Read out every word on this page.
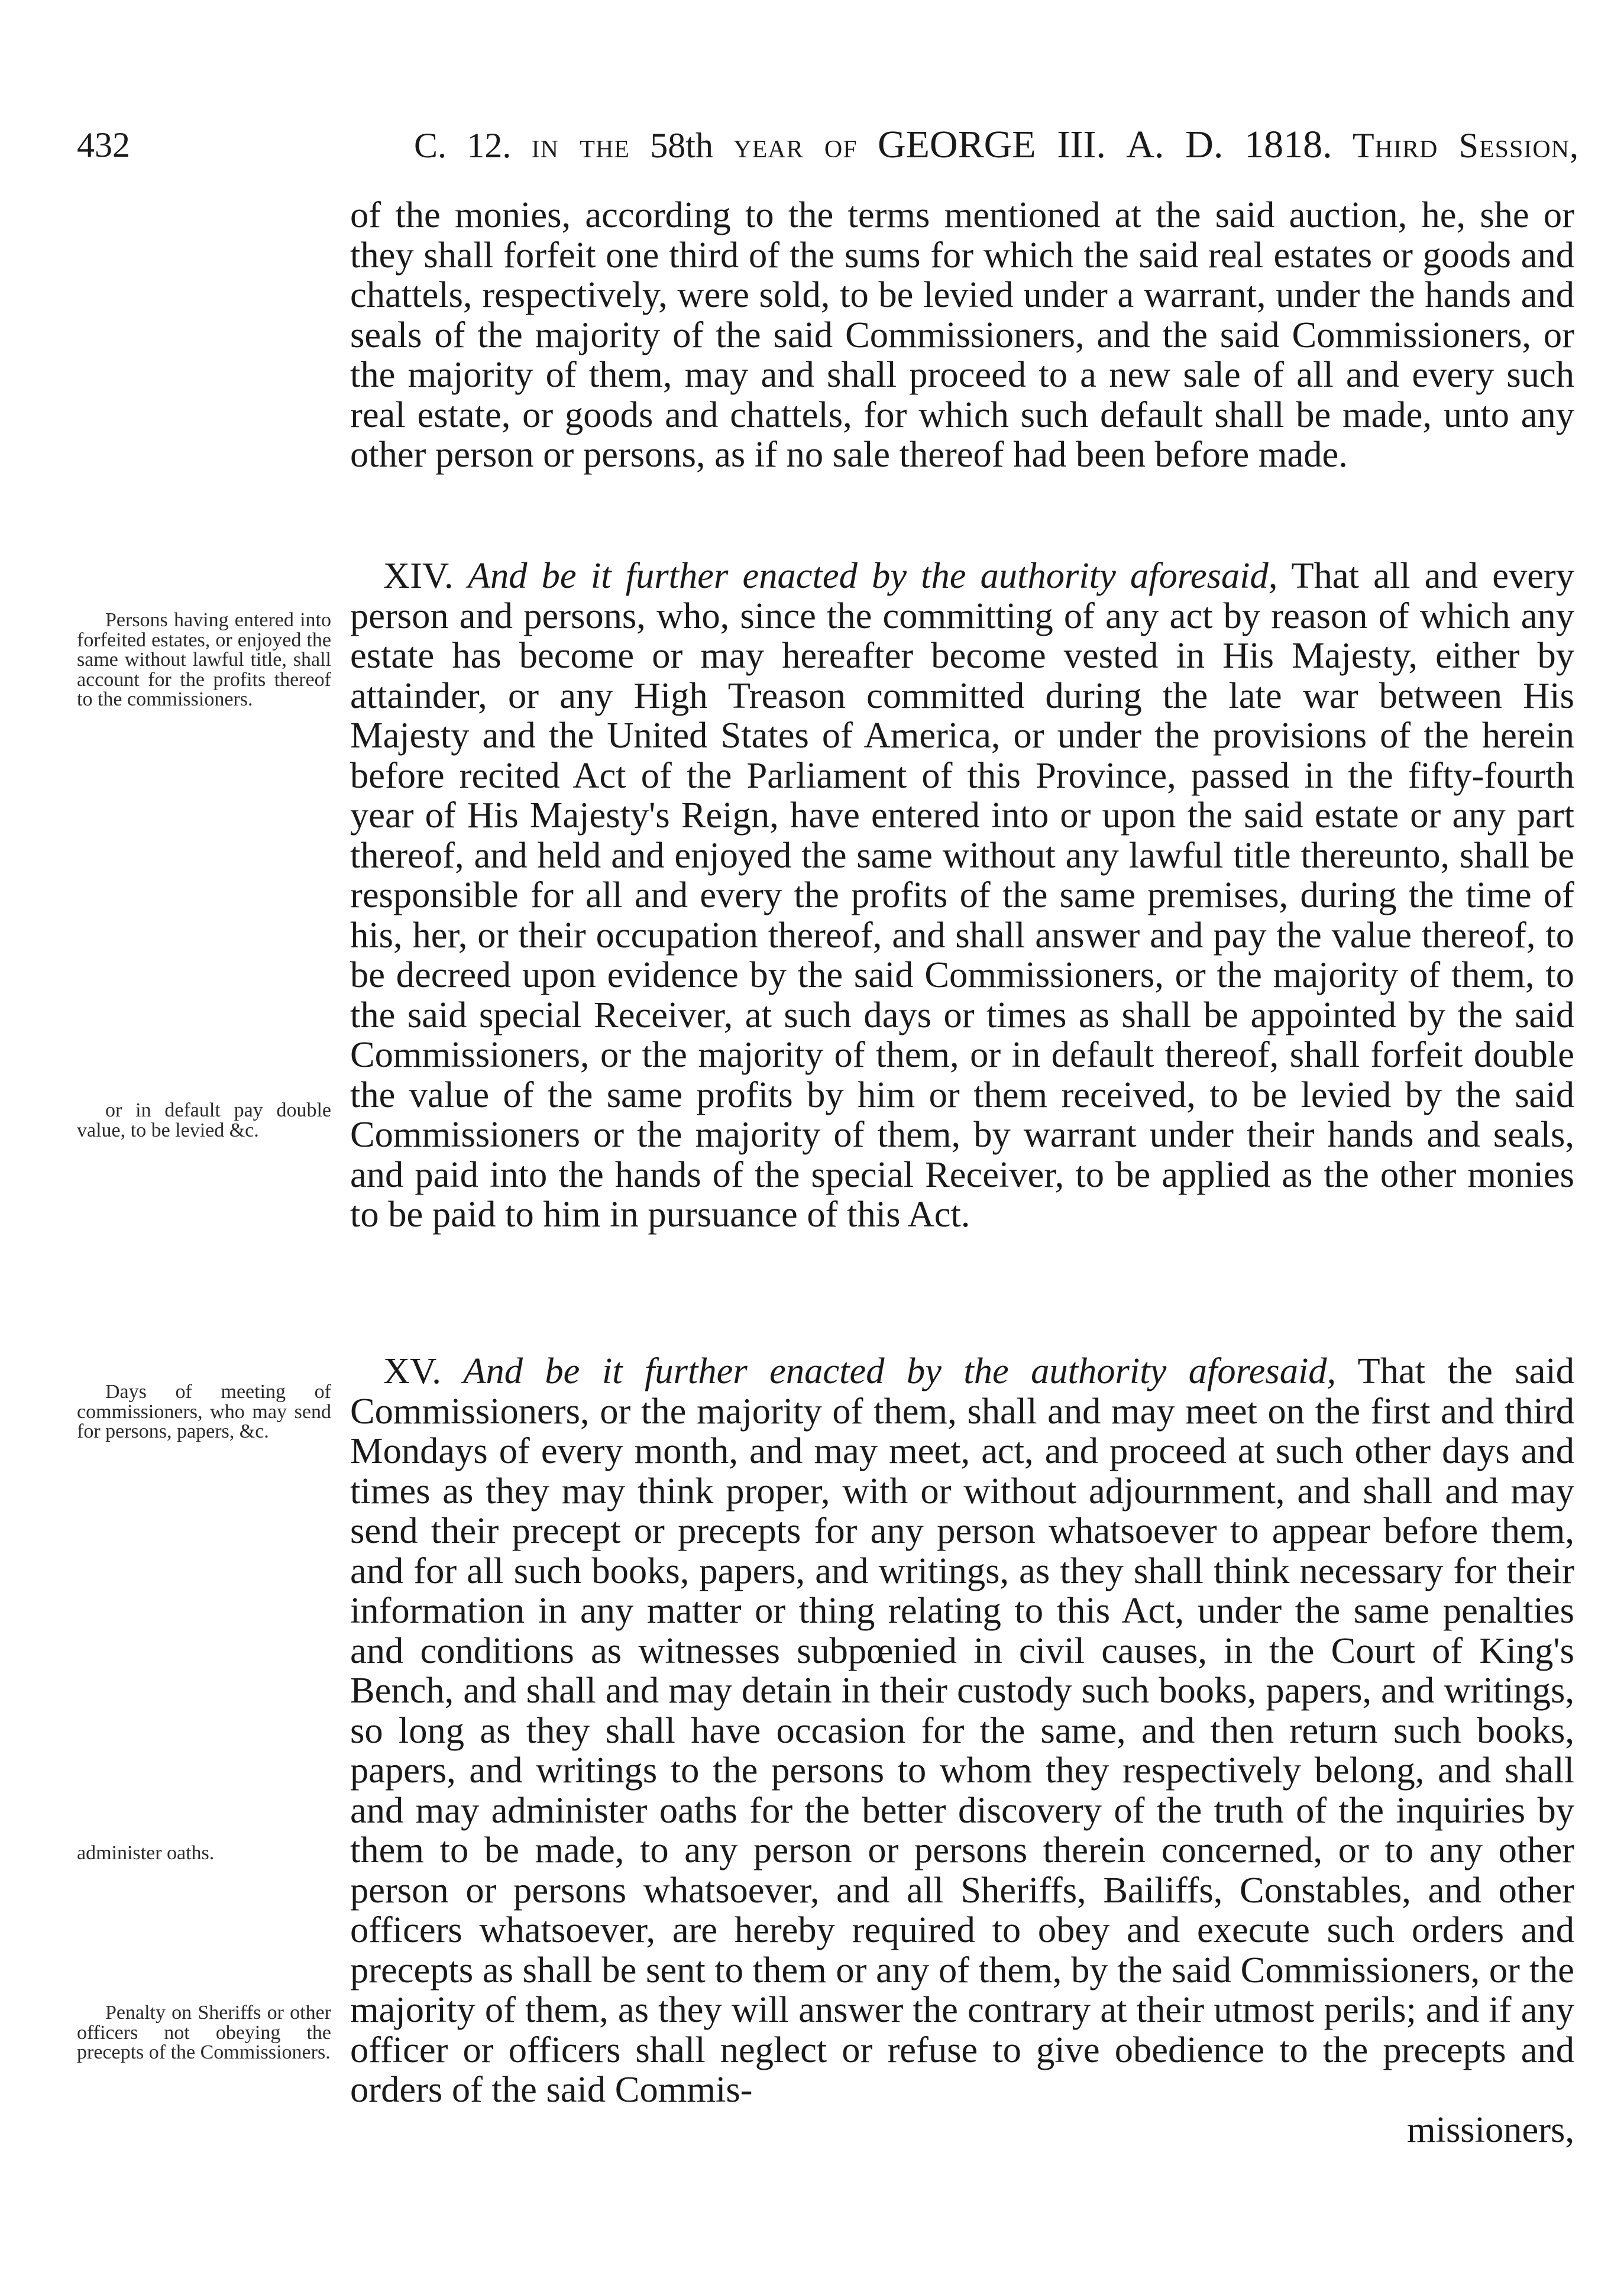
432	C. 12. in the 58th year of GEORGE III. A. D. 1818. Third Session,

of the monies, according to the terms mentioned at the said auction, he, she or they shall forfeit one third of the sums for which the said real estates or goods and chattels, respectively, were sold, to be levied under a warrant, under the hands and seals of the majority of the said Commissioners, and the said Commissioners, or the majority of them, may and shall proceed to a new sale of all and every such real estate, or goods and chattels, for which such default shall be made, unto any other person or persons, as if no sale thereof had been before made.

XIV. And be it further enacted by the authority aforesaid, That all and every person and persons, who, since the committing of any act by reason of which any estate has become or may hereafter become vested in His Majesty, either by attainder, or any High Treason committed during the late war between His Majesty and the United States of America, or under the provisions of the herein before recited Act of the Parliament of this Province, passed in the fifty-fourth year of His Majesty's Reign, have entered into or upon the said estate or any part thereof, and held and enjoyed the same without any lawful title thereunto, shall be responsible for all and every the profits of the same premises, during the time of his, her, or their occupation thereof, and shall answer and pay the value thereof, to be decreed upon evidence by the said Commissioners, or the majority of them, to the said special Receiver, at such days or times as shall be appointed by the said Commissioners, or the majority of them, or in default thereof, shall forfeit double the value of the same profits by him or them received, to be levied by the said Commissioners or the majority of them, by warrant under their hands and seals, and paid into the hands of the special Receiver, to be applied as the other monies to be paid to him in pursuance of this Act.

XV. And be it further enacted by the authority aforesaid, That the said Commissioners, or the majority of them, shall and may meet on the first and third Mondays of every month, and may meet, act, and proceed at such other days and times as they may think proper, with or without adjournment, and shall and may send their precept or precepts for any person whatsoever to appear before them, and for all such books, papers, and writings, as they shall think necessary for their information in any matter or thing relating to this Act, under the same penalties and conditions as witnesses subpœnied in civil causes, in the Court of King's Bench, and shall and may detain in their custody such books, papers, and writings, so long as they shall have occasion for the same, and then return such books, papers, and writings to the persons to whom they respectively belong, and shall and may administer oaths for the better discovery of the truth of the inquiries by them to be made, to any person or persons therein concerned, or to any other person or persons whatsoever, and all Sheriffs, Bailiffs, Constables, and other officers whatsoever, are hereby required to obey and execute such orders and precepts as shall be sent to them or any of them, by the said Commissioners, or the majority of them, as they will answer the contrary at their utmost perils; and if any officer or officers shall neglect or refuse to give obedience to the precepts and orders of the said Commis-
missioners,

Persons having entered into forfeited estates, or enjoyed the same without lawful title, shall account for the profits thereof to the commissioners.
or in default pay double value, to be levied &c.
Days of meeting of commissioners, who may send for persons, papers, &c.
administer oaths.
Penalty on Sheriffs or other officers not obeying the precepts of the Commissioners.
